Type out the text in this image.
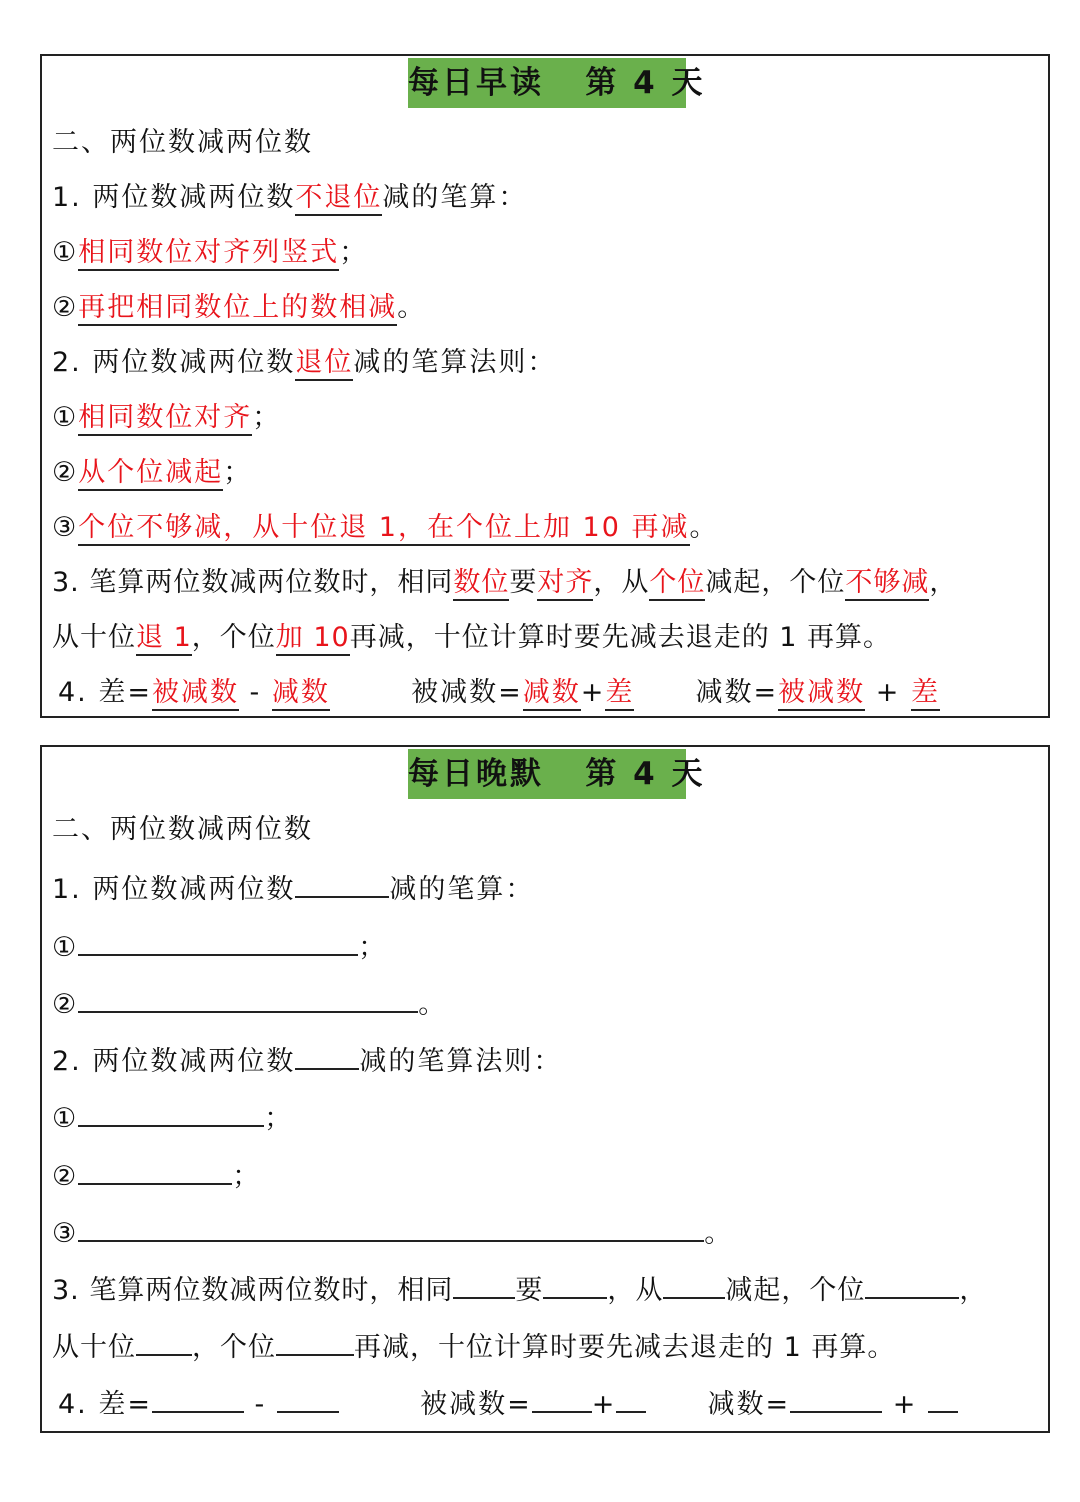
每日早读   第 4 天
二、两位数减两位数
1. 两位数减两位数不退位减的笔算：
①相同数位对齐列竖式；
②再把相同数位上的数相减。
2. 两位数减两位数退位减的笔算法则：
①相同数位对齐；
②从个位减起；
③个位不够减，从十位退 1，在个位上加 10 再减。
3. 笔算两位数减两位数时，相同数位要对齐，从个位减起，个位不够减，
从十位退 1，个位加 10再减，十位计算时要先减去退走的 1 再算。
4. 差=被减数 - 减数	被减数=减数+差 减数=被减数 + 差
每日晚默   第 4 天
二、两位数减两位数
1. 两位数减两位数	减的笔算：
①	；
②	。
2. 两位数减两位数 减的笔算法则：
①	；
②	；
③	。
3. 笔算两位数减两位数时，相同 要 ，从 减起，个位	，
从十位 ，个位	再减，十位计算时要先减去退走的 1 再算。
4. 差=	-	被减数= +	减数=	+
